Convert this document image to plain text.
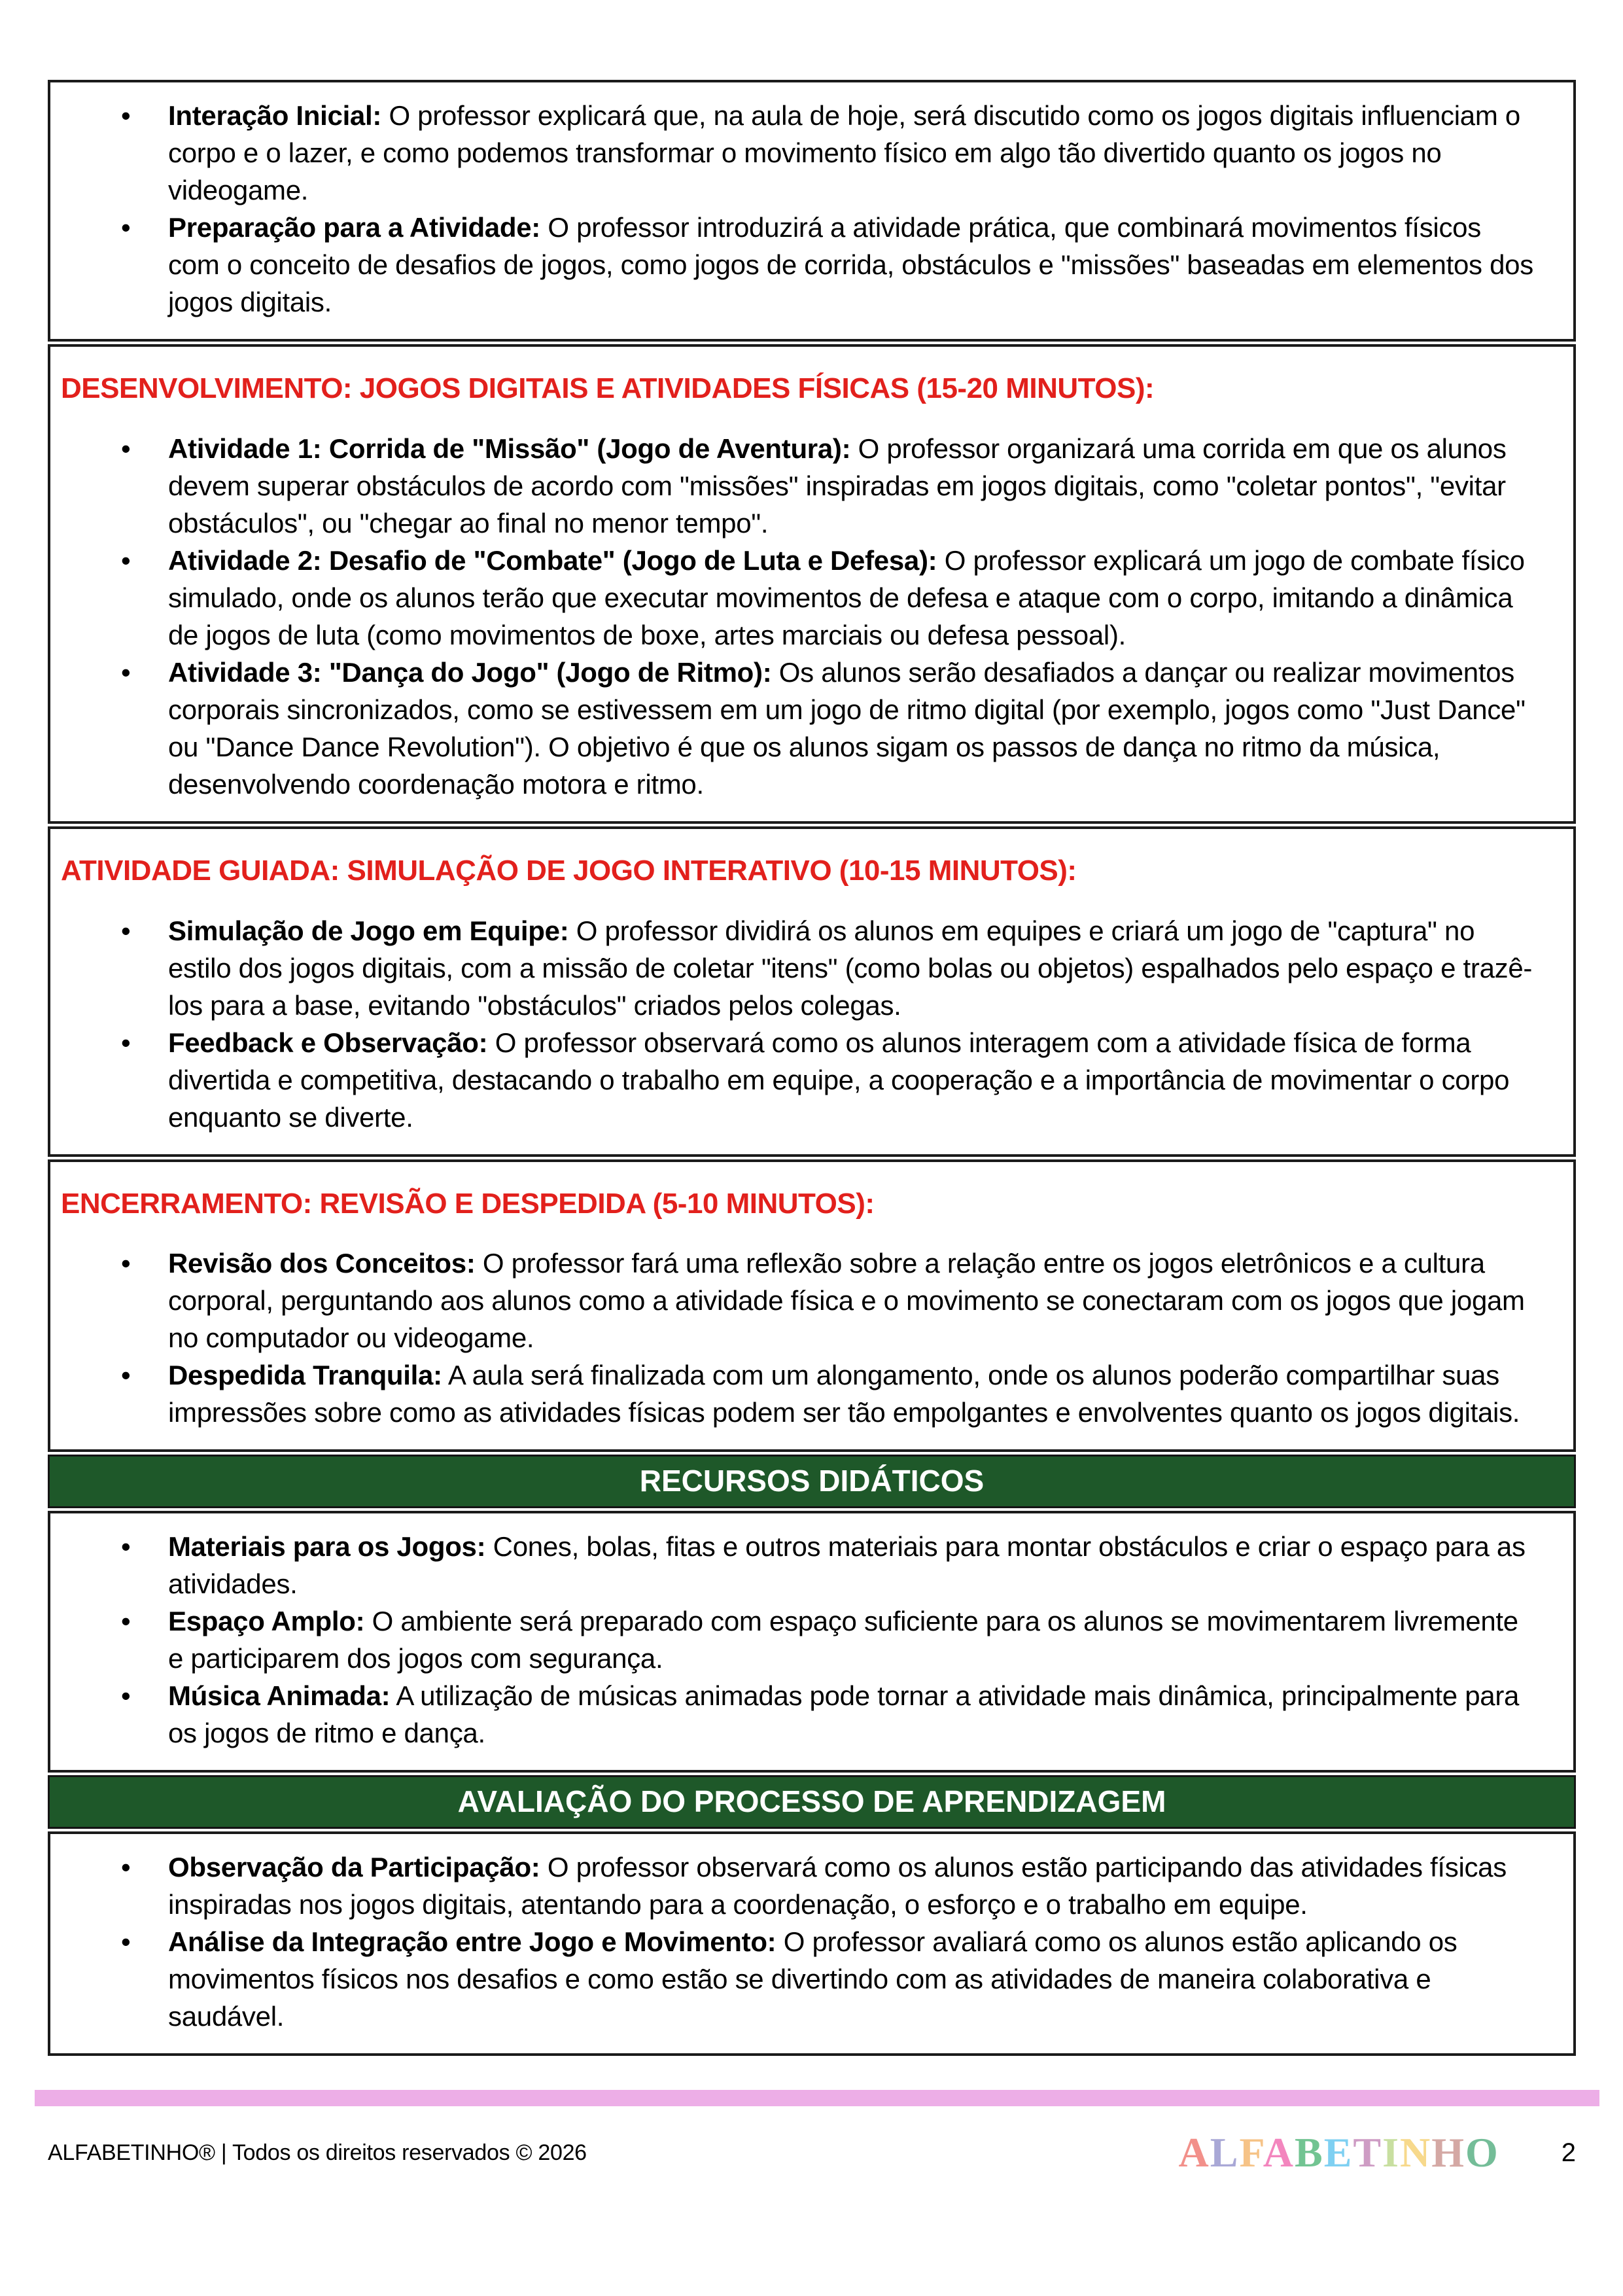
•	Interação Inicial: O professor explicará que, na aula de hoje, será discutido como os jogos digitais influenciam o corpo e o lazer, e como podemos transformar o movimento físico em algo tão divertido quanto os jogos no videogame.

•	Preparação para a Atividade: O professor introduzirá a atividade prática, que combinará movimentos físicos com o conceito de desafios de jogos, como jogos de corrida, obstáculos e "missões" baseadas em elementos dos jogos digitais.

DESENVOLVIMENTO: JOGOS DIGITAIS E ATIVIDADES FÍSICAS (15-20 MINUTOS):
•	Atividade 1: Corrida de "Missão" (Jogo de Aventura): O professor organizará uma corrida em que os alunos devem superar obstáculos de acordo com "missões" inspiradas em jogos digitais, como "coletar pontos", "evitar obstáculos", ou "chegar ao final no menor tempo".

•	Atividade 2: Desafio de "Combate" (Jogo de Luta e Defesa): O professor explicará um jogo de combate físico simulado, onde os alunos terão que executar movimentos de defesa e ataque com o corpo, imitando a dinâmica de jogos de luta (como movimentos de boxe, artes marciais ou defesa pessoal).

•	Atividade 3: "Dança do Jogo" (Jogo de Ritmo): Os alunos serão desafiados a dançar ou realizar movimentos corporais sincronizados, como se estivessem em um jogo de ritmo digital (por exemplo, jogos como "Just Dance" ou "Dance Dance Revolution"). O objetivo é que os alunos sigam os passos de dança no ritmo da música, desenvolvendo coordenação motora e ritmo.

ATIVIDADE GUIADA: SIMULAÇÃO DE JOGO INTERATIVO (10-15 MINUTOS):
•	Simulação de Jogo em Equipe: O professor dividirá os alunos em equipes e criará um jogo de "captura" no estilo dos jogos digitais, com a missão de coletar "itens" (como bolas ou objetos) espalhados pelo espaço e trazê-los para a base, evitando "obstáculos" criados pelos colegas.

•	Feedback e Observação: O professor observará como os alunos interagem com a atividade física de forma divertida e competitiva, destacando o trabalho em equipe, a cooperação e a importância de movimentar o corpo enquanto se diverte.

ENCERRAMENTO: REVISÃO E DESPEDIDA (5-10 MINUTOS):
•	Revisão dos Conceitos: O professor fará uma reflexão sobre a relação entre os jogos eletrônicos e a cultura corporal, perguntando aos alunos como a atividade física e o movimento se conectaram com os jogos que jogam no computador ou videogame.

•	Despedida Tranquila: A aula será finalizada com um alongamento, onde os alunos poderão compartilhar suas impressões sobre como as atividades físicas podem ser tão empolgantes e envolventes quanto os jogos digitais.

RECURSOS DIDÁTICOS
•	Materiais para os Jogos: Cones, bolas, fitas e outros materiais para montar obstáculos e criar o espaço para as atividades.

•	Espaço Amplo: O ambiente será preparado com espaço suficiente para os alunos se movimentarem livremente e participarem dos jogos com segurança.

•	Música Animada: A utilização de músicas animadas pode tornar a atividade mais dinâmica, principalmente para os jogos de ritmo e dança.

AVALIAÇÃO DO PROCESSO DE APRENDIZAGEM
•	Observação da Participação: O professor observará como os alunos estão participando das atividades físicas inspiradas nos jogos digitais, atentando para a coordenação, o esforço e o trabalho em equipe.

•	Análise da Integração entre Jogo e Movimento: O professor avaliará como os alunos estão aplicando os movimentos físicos nos desafios e como estão se divertindo com as atividades de maneira colaborativa e saudável.

ALFABETINHO® | Todos os direitos reservados © 2026	ALFABETINHO 2
